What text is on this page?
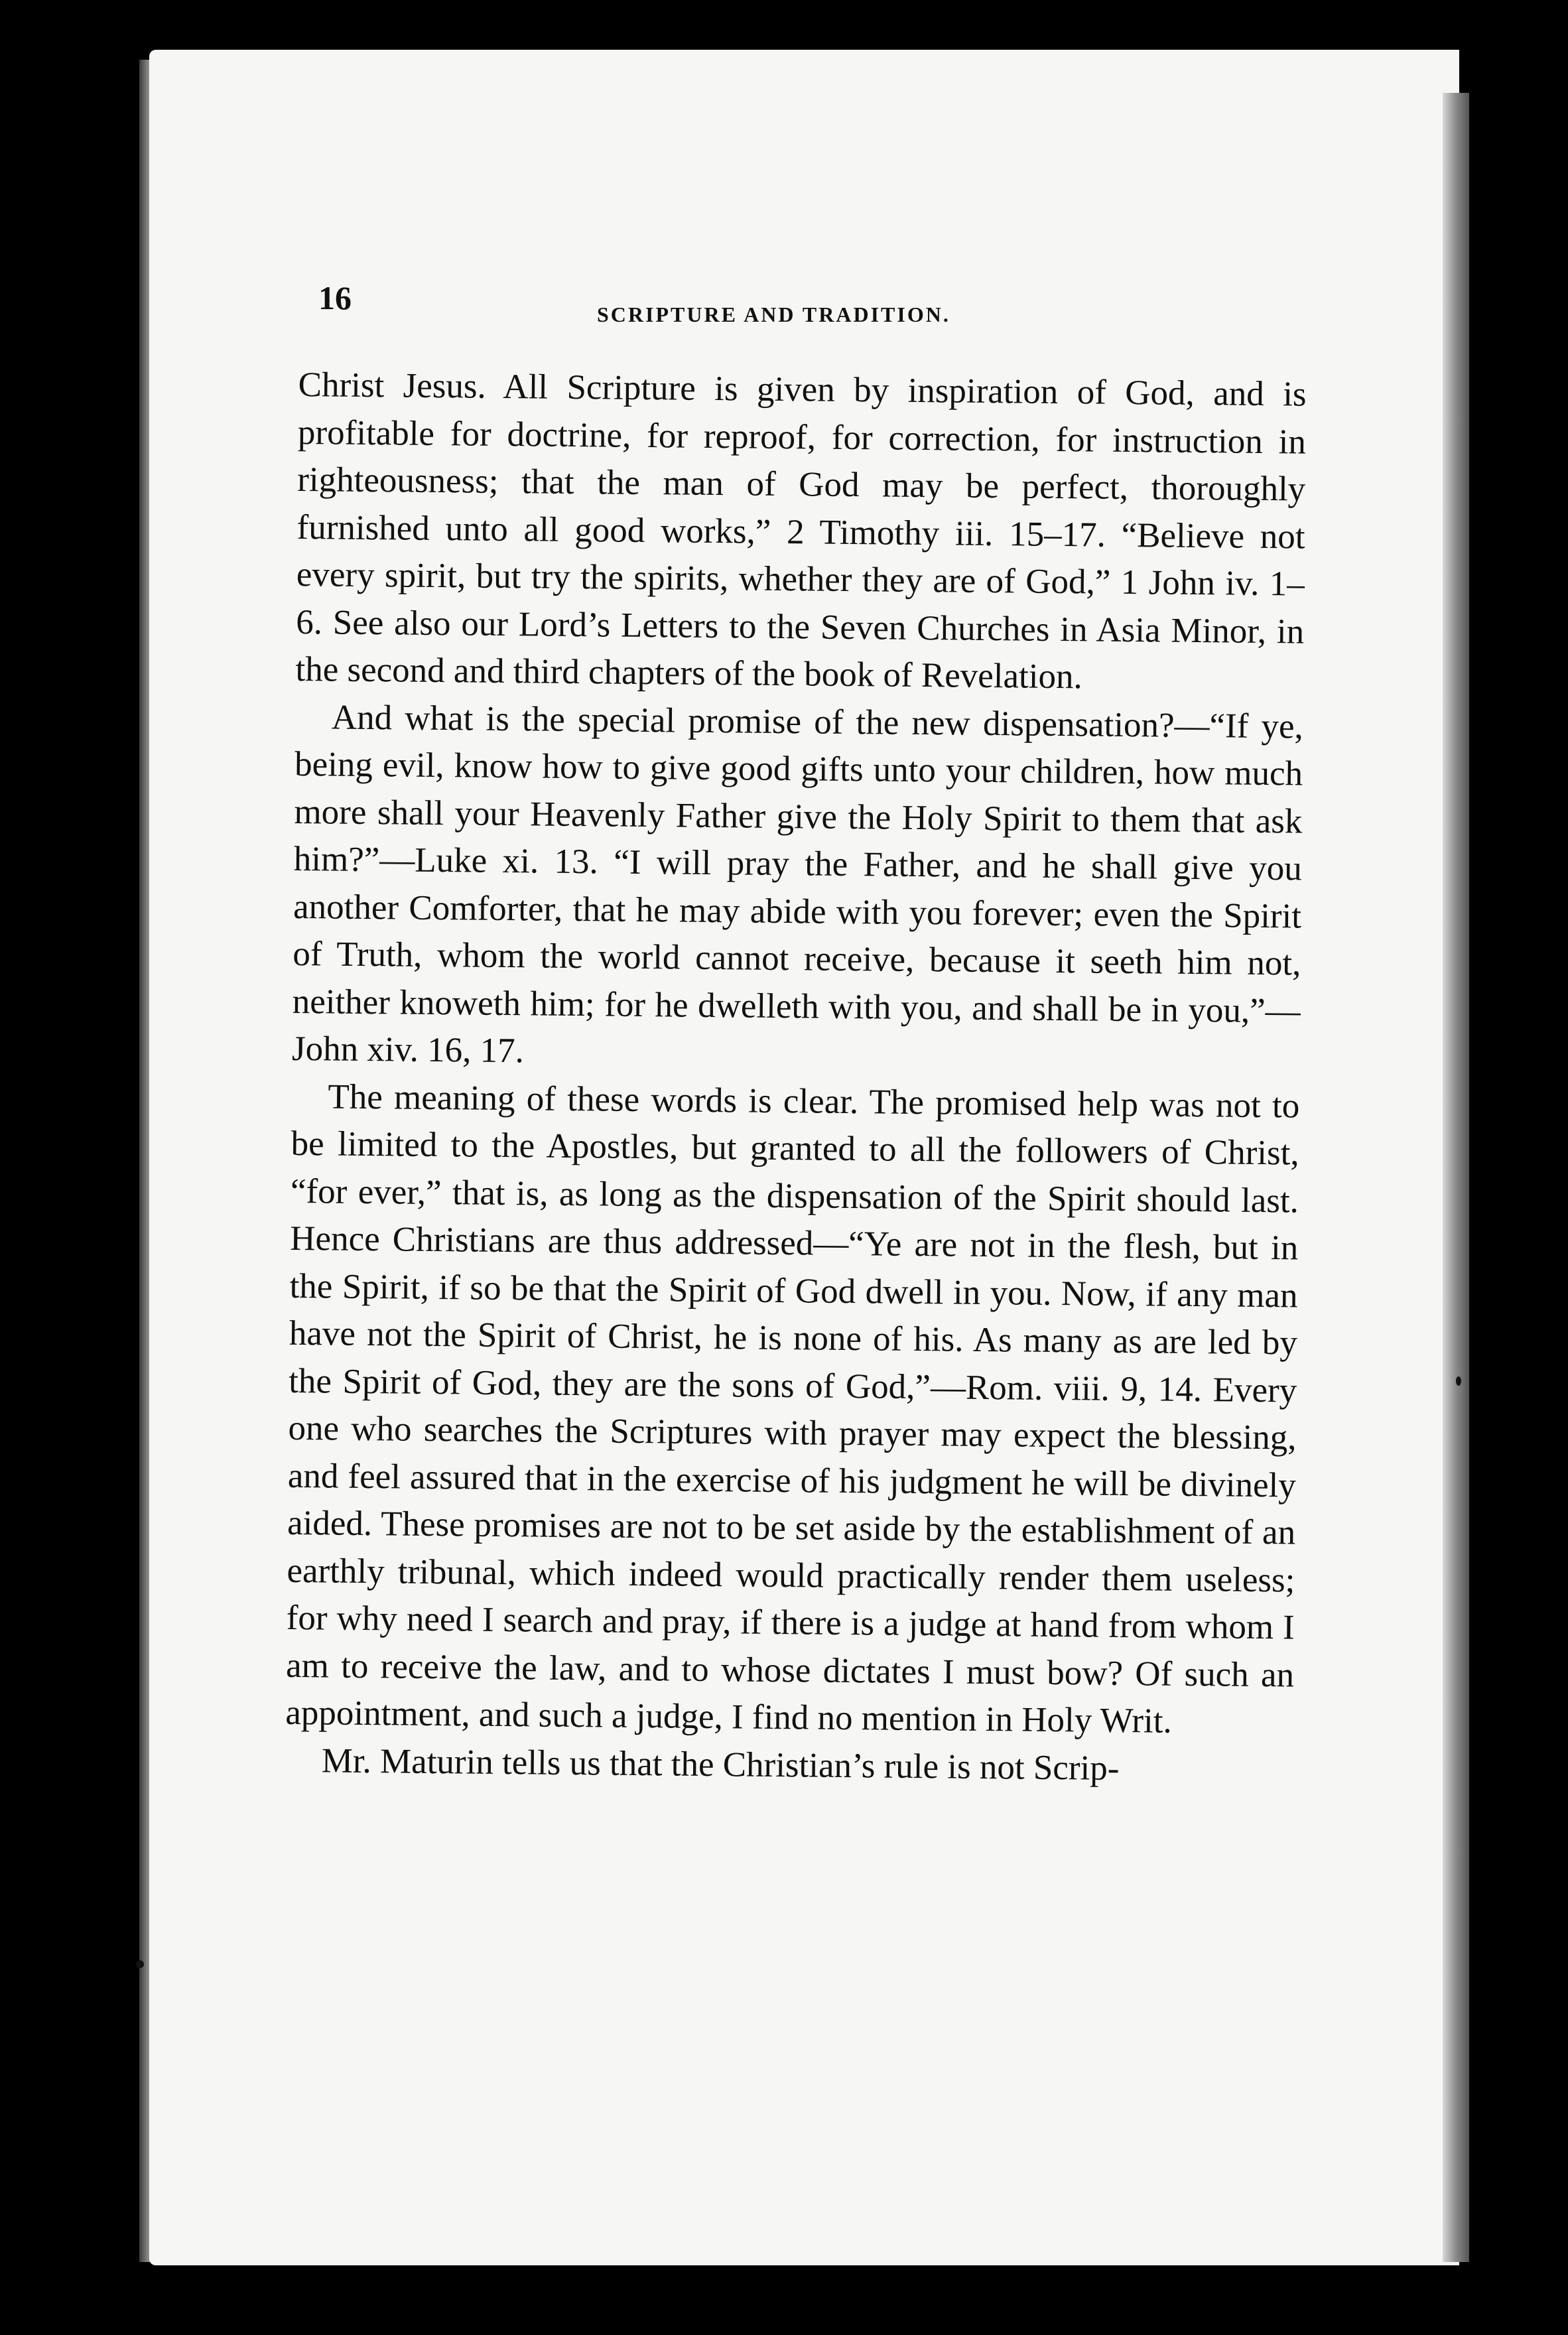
16	SCRIPTURE AND TRADITION.

Christ Jesus. All Scripture is given by inspiration of God, and is profitable for doctrine, for reproof, for correction, for instruction in righteousness; that the man of God may be perfect, thoroughly furnished unto all good works,” 2 Timothy iii. 15–17. “Believe not every spirit, but try the spirits, whether they are of God,” 1 John iv. 1–6. See also our Lord’s Letters to the Seven Churches in Asia Minor, in the second and third chapters of the book of Revelation.

And what is the special promise of the new dispensation?—“If ye, being evil, know how to give good gifts unto your children, how much more shall your Heavenly Father give the Holy Spirit to them that ask him?”—Luke xi. 13. “I will pray the Father, and he shall give you another Comforter, that he may abide with you forever; even the Spirit of Truth, whom the world cannot receive, because it seeth him not, neither knoweth him; for he dwelleth with you, and shall be in you,”—John xiv. 16, 17.

The meaning of these words is clear. The promised help was not to be limited to the Apostles, but granted to all the followers of Christ, “for ever,” that is, as long as the dispensation of the Spirit should last. Hence Christians are thus addressed—“Ye are not in the flesh, but in the Spirit, if so be that the Spirit of God dwell in you. Now, if any man have not the Spirit of Christ, he is none of his. As many as are led by the Spirit of God, they are the sons of God,”—Rom. viii. 9, 14. Every one who searches the Scriptures with prayer may expect the blessing, and feel assured that in the exercise of his judgment he will be divinely aided. These promises are not to be set aside by the establishment of an earthly tribunal, which indeed would practically render them useless; for why need I search and pray, if there is a judge at hand from whom I am to receive the law, and to whose dictates I must bow? Of such an appointment, and such a judge, I find no mention in Holy Writ.

Mr. Maturin tells us that the Christian’s rule is not Scrip-
